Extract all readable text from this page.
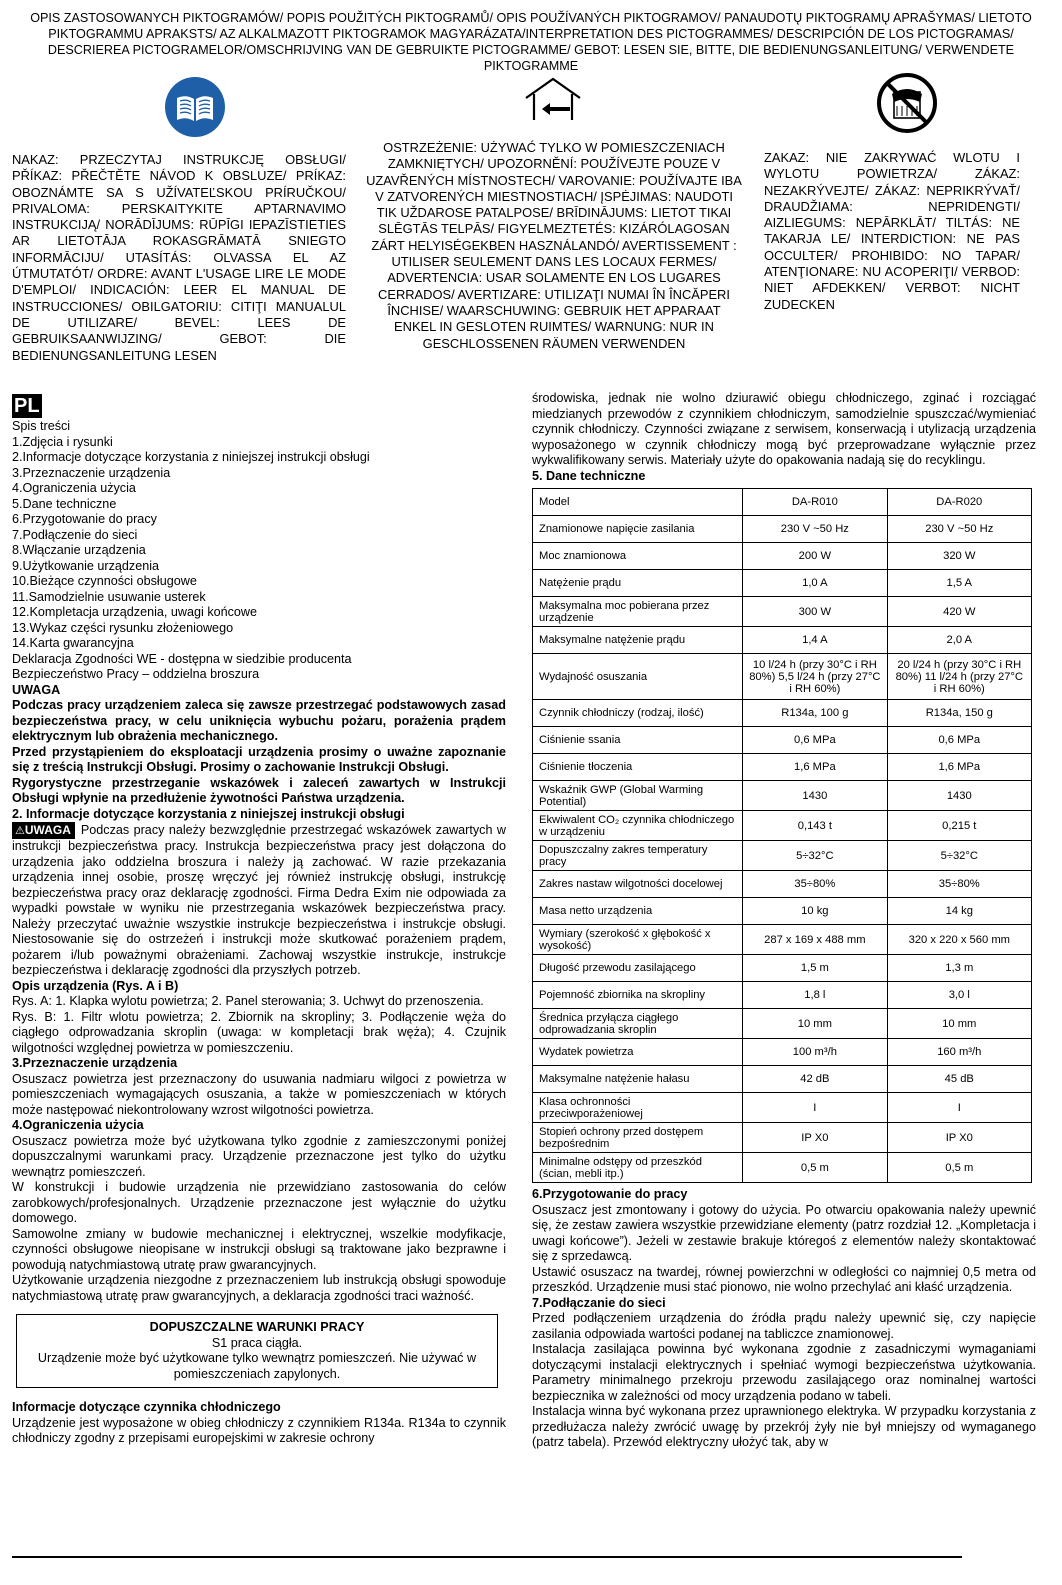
OPIS ZASTOSOWANYCH PIKTOGRAMÓW/ POPIS POUŽITÝCH PIKTOGRAMŮ/ OPIS POUŽÍVANÝCH PIKTOGRAMOV/ PANAUDOTŲ PIKTOGRAMŲ APRAŠYMAS/ LIETOTO PIKTOGRAMMU APRAKSTS/ AZ ALKALMAZOTT PIKTOGRAMOK MAGYARÁZATA/INTERPRETATION DES PICTOGRAMMES/ DESCRIPCIÓN DE LOS PICTOGRAMAS/ DESCRIEREA PICTOGRAMELOR/OMSCHRIJVING VAN DE GEBRUIKTE PICTOGRAMME/ GEBOT: LESEN SIE, BITTE, DIE BEDIENUNGSANLEITUNG/ VERWENDETE PIKTOGRAMME
NAKAZ: PRZECZYTAJ INSTRUKCJĘ OBSŁUGI/ PŘÍKAZ: PŘEČTĚTE NÁVOD K OBSLUZE/ PRÍKAZ: OBOZNÁMTE SA S UŽÍVATEĽSKOU PRÍRUČKOU/ PRIVALOMA: PERSKAITYKITE APTARNAVIMO INSTRUKCIJĄ/ NORĀDĪJUMS: RŪPĪGI IEPAZĪSTIETIES AR LIETOTĀJA ROKASGRĀMATĀ SNIEGTO INFORMĀCIJU/ UTASÍTÁS: OLVASSA EL AZ ÚTMUTATÓT/ ORDRE: AVANT L'USAGE LIRE LE MODE D'EMPLOI/ INDICACIÓN: LEER EL MANUAL DE INSTRUCCIONES/ OBILGATORIU: CITIŢI MANUALUL DE UTILIZARE/ BEVEL: LEES DE GEBRUIKSAANWIJZING/ GEBOT: DIE BEDIENUNGSANLEITUNG LESEN
OSTRZEŻENIE: UŻYWAĆ TYLKO W POMIESZCZENIACH ZAMKNIĘTYCH/ UPOZORNĚNÍ: POUŽÍVEJTE POUZE V UZAVŘENÝCH MÍSTNOSTECH/ VAROVANIE: POUŽÍVAJTE IBA V ZATVORENÝCH MIESTNOSTIACH/ ĮSPĖJIMAS: NAUDOTI TIK UŽDAROSE PATALPOSE/ BRĪDINĀJUMS: LIETOT TIKAI SLĒGTĀS TELPĀS/ FIGYELMEZTETÉS: KIZÁRÓLAGOSAN ZÁRT HELYISÉGEKBEN HASZNÁLANDÓ/ AVERTISSEMENT : UTILISER SEULEMENT DANS LES LOCAUX FERMES/ ADVERTENCIA: USAR SOLAMENTE EN LOS LUGARES CERRADOS/ AVERTIZARE: UTILIZAŢI NUMAI ÎN ÎNCĂPERI ÎNCHISE/ WAARSCHUWING: GEBRUIK HET APPARAAT ENKEL IN GESLOTEN RUIMTES/ WARNUNG: NUR IN GESCHLOSSENEN RÄUMEN VERWENDEN
ZAKAZ: NIE ZAKRYWAĆ WLOTU I WYLOTU POWIETRZA/ ZÁKAZ: NEZAKRÝVEJTE/ ZÁKAZ: NEPRIKRÝVAŤ/ DRAUDŽIAMA: NEPRIDENGTI/ AIZLIEGUMS: NEPĀRKLĀT/ TILTÁS: NE TAKARJA LE/ INTERDICTION: NE PAS OCCULTER/ PROHIBIDO: NO TAPAR/ ATENŢIONARE: NU ACOPERIŢI/ VERBOD: NIET AFDEKKEN/ VERBOT: NICHT ZUDECKEN
PL
Spis treści
1.Zdjęcia i rysunki
2.Informacje dotyczące korzystania z niniejszej instrukcji obsługi
3.Przeznaczenie urządzenia
4.Ograniczenia użycia
5.Dane techniczne
6.Przygotowanie do pracy
7.Podłączenie do sieci
8.Włączanie urządzenia
9.Użytkowanie urządzenia
10.Bieżące czynności obsługowe
11.Samodzielnie usuwanie usterek
12.Kompletacja urządzenia, uwagi końcowe
13.Wykaz części rysunku złożeniowego
14.Karta gwarancyjna
Deklaracja Zgodności WE - dostępna w siedzibie producenta
Bezpieczeństwo Pracy – oddzielna broszura
UWAGA
Podczas pracy urządzeniem zaleca się zawsze przestrzegać podstawowych zasad bezpieczeństwa pracy, w celu uniknięcia wybuchu pożaru, porażenia prądem elektrycznym lub obrażenia mechanicznego.
Przed przystąpieniem do eksploatacji urządzenia prosimy o uważne zapoznanie się z treścią Instrukcji Obsługi. Prosimy o zachowanie Instrukcji Obsługi.
Rygorystyczne przestrzeganie wskazówek i zaleceń zawartych w Instrukcji Obsługi wpłynie na przedłużenie żywotności Państwa urządzenia.
2. Informacje dotyczące korzystania z niniejszej instrukcji obsługi
⚠UWAGA Podczas pracy należy bezwzględnie przestrzegać wskazówek zawartych w instrukcji bezpieczeństwa pracy. Instrukcja bezpieczeństwa pracy jest dołączona do urządzenia jako oddzielna broszura i należy ją zachować. W razie przekazania urządzenia innej osobie, proszę wręczyć jej również instrukcję obsługi, instrukcję bezpieczeństwa pracy oraz deklarację zgodności. Firma Dedra Exim nie odpowiada za wypadki powstałe w wyniku nie przestrzegania wskazówek bezpieczeństwa pracy. Należy przeczytać uważnie wszystkie instrukcje bezpieczeństwa i instrukcje obsługi. Niestosowanie się do ostrzeżeń i instrukcji może skutkować porażeniem prądem, pożarem i/lub poważnymi obrażeniami. Zachowaj wszystkie instrukcje, instrukcje bezpieczeństwa i deklarację zgodności dla przyszłych potrzeb.
Opis urządzenia (Rys. A i B)
Rys. A: 1. Klapka wylotu powietrza; 2. Panel sterowania; 3. Uchwyt do przenoszenia.
Rys. B: 1. Filtr wlotu powietrza; 2. Zbiornik na skropliny; 3. Podłączenie węża do ciągłego odprowadzania skroplin (uwaga: w kompletacji brak węża); 4. Czujnik wilgotności względnej powietrza w pomieszczeniu.
3.Przeznaczenie urządzenia
Osuszacz powietrza jest przeznaczony do usuwania nadmiaru wilgoci z powietrza w pomieszczeniach wymagających osuszania, a także w pomieszczeniach w których może następować niekontrolowany wzrost wilgotności powietrza.
4.Ograniczenia użycia
Osuszacz powietrza może być użytkowana tylko zgodnie z zamieszczonymi poniżej dopuszczalnymi warunkami pracy. Urządzenie przeznaczone jest tylko do użytku wewnątrz pomieszczeń.
W konstrukcji i budowie urządzenia nie przewidziano zastosowania do celów zarobkowych/profesjonalnych. Urządzenie przeznaczone jest wyłącznie do użytku domowego.
Samowolne zmiany w budowie mechanicznej i elektrycznej, wszelkie modyfikacje, czynności obsługowe nieopisane w instrukcji obsługi są traktowane jako bezprawne i powodują natychmiastową utratę praw gwarancyjnych.
Użytkowanie urządzenia niezgodne z przeznaczeniem lub instrukcją obsługi spowoduje natychmiastową utratę praw gwarancyjnych, a deklaracja zgodności traci ważność.
DOPUSZCZALNE WARUNKI PRACY
S1 praca ciągła.
Urządzenie może być użytkowane tylko wewnątrz pomieszczeń. Nie używać w pomieszczeniach zapylonych.
Informacje dotyczące czynnika chłodniczego
Urządzenie jest wyposażone w obieg chłodniczy z czynnikiem R134a. R134a to czynnik chłodniczy zgodny z przepisami europejskimi w zakresie ochrony
środowiska, jednak nie wolno dziurawić obiegu chłodniczego, zginać i rozciągać miedzianych przewodów z czynnikiem chłodniczym, samodzielnie spuszczać/wymieniać czynnik chłodniczy. Czynności związane z serwisem, konserwacją i utylizacją urządzenia wyposażonego w czynnik chłodniczy mogą być przeprowadzane wyłącznie przez wykwalifikowany serwis. Materiały użyte do opakowania nadają się do recyklingu.
5. Dane techniczne
Model	DA-R010	DA-R020
Znamionowe napięcie zasilania	230 V ~50 Hz	230 V ~50 Hz
Moc znamionowa	200 W	320 W
Natężenie prądu	1,0 A	1,5 A
Maksymalna moc pobierana przez urządzenie	300 W	420 W
Maksymalne natężenie prądu	1,4 A	2,0 A
Wydajność osuszania	10 l/24 h (przy 30°C i RH 80%) 5,5 l/24 h (przy 27°C i RH 60%)	20 l/24 h (przy 30°C i RH 80%) 11 l/24 h (przy 27°C i RH 60%)
Czynnik chłodniczy (rodzaj, ilość)	R134a, 100 g	R134a, 150 g
Ciśnienie ssania	0,6 MPa	0,6 MPa
Ciśnienie tłoczenia	1,6 MPa	1,6 MPa
Wskaźnik GWP (Global Warming Potential)	1430	1430
Ekwiwalent CO₂ czynnika chłodniczego w urządzeniu	0,143 t	0,215 t
Dopuszczalny zakres temperatury pracy	5÷32°C	5÷32°C
Zakres nastaw wilgotności docelowej	35÷80%	35÷80%
Masa netto urządzenia	10 kg	14 kg
Wymiary (szerokość x głębokość x wysokość)	287 x 169 x 488 mm	320 x 220 x 560 mm
Długość przewodu zasilającego	1,5 m	1,3 m
Pojemność zbiornika na skropliny	1,8 l	3,0 l
Średnica przyłącza ciągłego odprowadzania skroplin	10 mm	10 mm
Wydatek powietrza	100 m³/h	160 m³/h
Maksymalne natężenie hałasu	42 dB	45 dB
Klasa ochronności przeciwporażeniowej	I	I
Stopień ochrony przed dostępem bezpośrednim	IP X0	IP X0
Minimalne odstępy od przeszkód (ścian, mebli itp.)	0,5 m	0,5 m
6.Przygotowanie do pracy
Osuszacz jest zmontowany i gotowy do użycia. Po otwarciu opakowania należy upewnić się, że zestaw zawiera wszystkie przewidziane elementy (patrz rozdział 12. „Kompletacja i uwagi końcowe”). Jeżeli w zestawie brakuje któregoś z elementów należy skontaktować się z sprzedawcą.
Ustawić osuszacz na twardej, równej powierzchni w odległości co najmniej 0,5 metra od przeszkód. Urządzenie musi stać pionowo, nie wolno przechylać ani kłaść urządzenia.
7.Podłączanie do sieci
Przed podłączeniem urządzenia do źródła prądu należy upewnić się, czy napięcie zasilania odpowiada wartości podanej na tabliczce znamionowej.
Instalacja zasilająca powinna być wykonana zgodnie z zasadniczymi wymaganiami dotyczącymi instalacji elektrycznych i spełniać wymogi bezpieczeństwa użytkowania. Parametry minimalnego przekroju przewodu zasilającego oraz nominalnej wartości bezpiecznika w zależności od mocy urządzenia podano w tabeli.
Instalacja winna być wykonana przez uprawnionego elektryka. W przypadku korzystania z przedłużacza należy zwrócić uwagę by przekrój żyły nie był mniejszy od wymaganego (patrz tabela). Przewód elektryczny ułożyć tak, aby w
